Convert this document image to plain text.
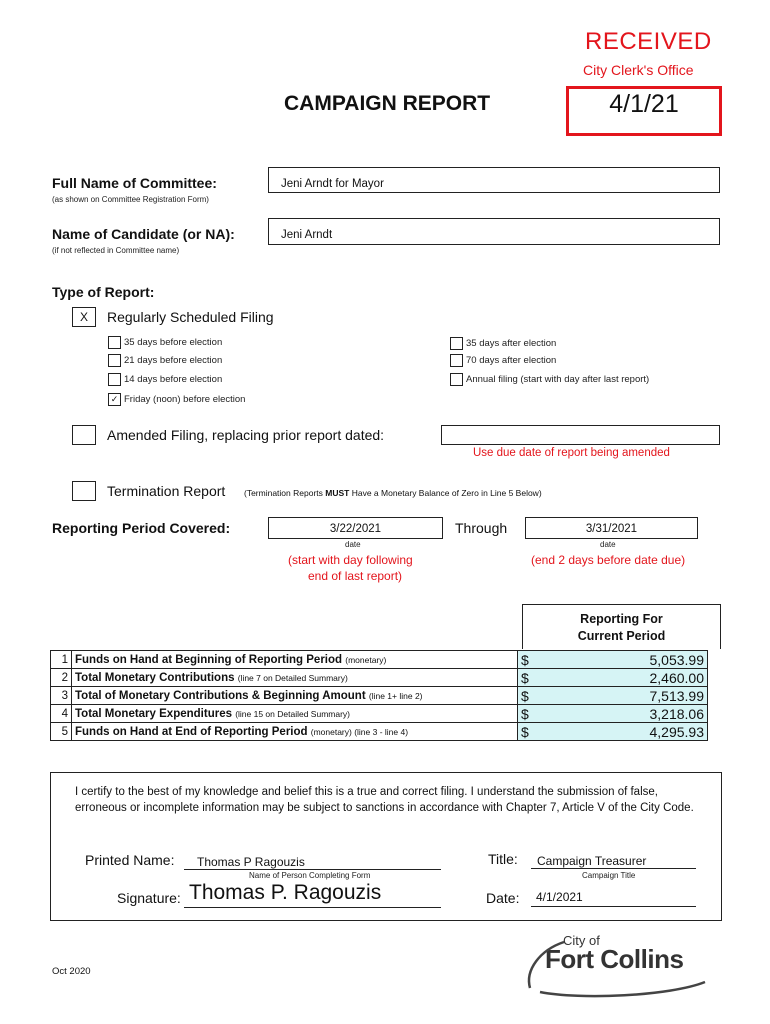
RECEIVED
City Clerk's Office
4/1/21
CAMPAIGN REPORT
Full Name of Committee:
(as shown on Committee Registration Form)
Jeni Arndt for Mayor
Name of Candidate (or NA):
(if not reflected in Committee name)
Jeni Arndt
Type of Report:
X	Regularly Scheduled Filing
35 days before election
21 days before election
14 days before election
✓ Friday (noon) before election
35 days after election
70 days after election
Annual filing (start with day after last report)
Amended Filing, replacing prior report dated:
Use due date of report being amended
Termination Report (Termination Reports MUST Have a Monetary Balance of Zero in Line 5 Below)
Reporting Period Covered:	3/22/2021
date
(start with day following
end of last report)
Through	3/31/2021
date
(end 2 days before date due)
Reporting For
Current Period
1	Funds on Hand at Beginning of Reporting Period (monetary)	$ 5,053.99

2	Total Monetary Contributions (line 7 on Detailed Summary)	$ 2,460.00

3	Total of Monetary Contributions & Beginning Amount (line 1+ line 2)	$ 7,513.99

4	Total Monetary Expenditures (line 15 on Detailed Summary)	$ 3,218.06

5	Funds on Hand at End of Reporting Period (monetary) (line 3 - line 4)	$ 4,295.93
I certify to the best of my knowledge and belief this is a true and correct filing. I understand the submission of false, erroneous or incomplete information may be subject to sanctions in accordance with Chapter 7, Article V of the City Code.
Printed Name: Thomas P Ragouzis
Name of Person Completing Form
Title: Campaign Treasurer
Campaign Title
Signature: Thomas P. Ragouzis	Date: 4/1/2021
Oct 2020
City of
Fort Collins
